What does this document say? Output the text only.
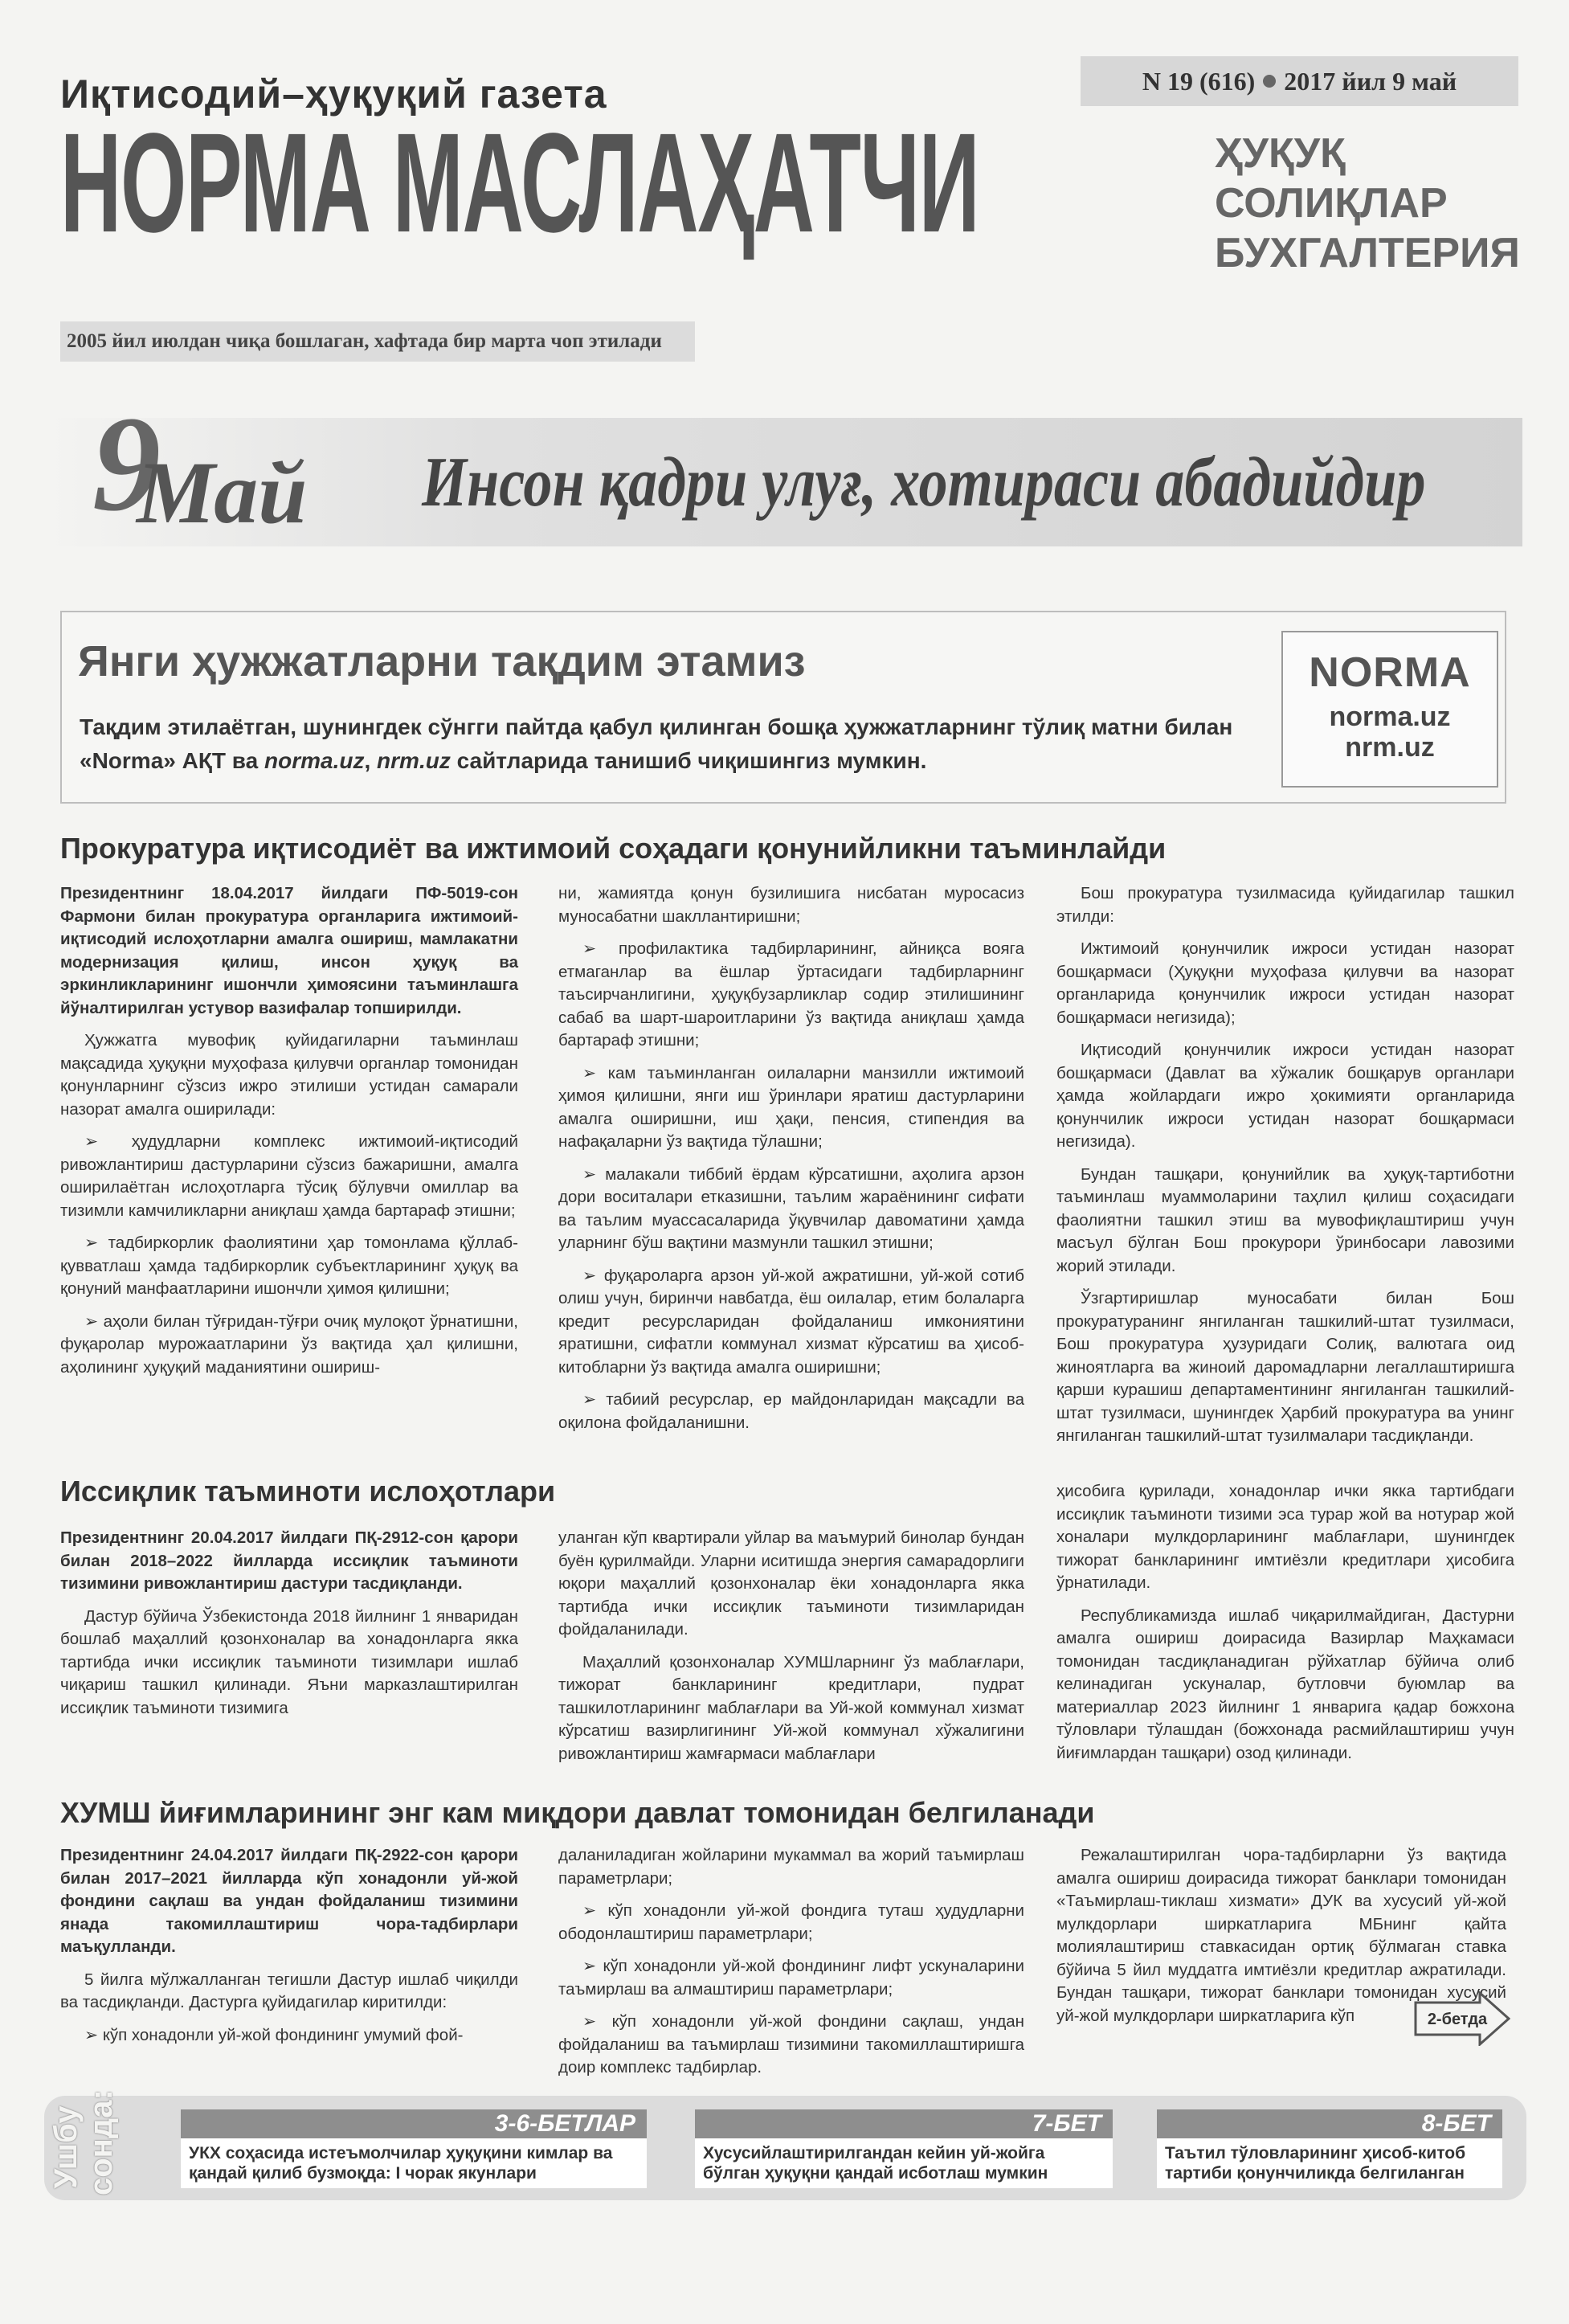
Иқтисодий–ҳуқуқий газета	N 19 (616) 2017 йил 9 май
НОРМА МАСЛАҲАТЧИ	ҲУҚУҚ
СОЛИҚЛАР
БУХГАЛТЕРИЯ
2005 йил июлдан чиқа бошлаган, хафтада бир марта чоп этилади
9
Май Инсон қадри улуғ, хотираси абадийдир
Янги ҳужжатларни тақдим этамиз

Тақдим этилаётган, шунингдек сўнгги пайтда қабул қилинган бошқа ҳужжатларнинг тўлиқ матни билан «Norma» АҚТ ва norma.uz, nrm.uz сайтларида танишиб чиқишингиз мумкин.

NORMA
norma.uz
nrm.uz
Прокуратура иқтисодиёт ва ижтимоий соҳадаги қонунийликни таъминлайди

Президентнинг 18.04.2017 йилдаги ПФ-5019-сон Фармони билан прокуратура органларига ижтимоий-иқтисодий ислоҳотларни амалга ошириш, мамлакатни модернизация қилиш, инсон ҳуқуқ ва эркинликларининг ишончли ҳимоясини таъминлашга йўналтирилган устувор вазифалар топширилди.

Ҳужжатга мувофиқ қуйидагиларни таъминлаш мақсадида ҳуқуқни муҳофаза қилувчи органлар томонидан қонунларнинг сўзсиз ижро этилиши устидан самарали назорат амалга оширилади:

➢ ҳудудларни комплекс ижтимоий-иқтисодий ривожлантириш дастурларини сўзсиз бажаришни, амалга оширилаётган ислоҳотларга тўсиқ бўлувчи омиллар ва тизимли камчиликларни аниқлаш ҳамда бартараф этишни;

➢ тадбиркорлик фаолиятини ҳар томонлама қўллаб-қувватлаш ҳамда тадбиркорлик субъектларининг ҳуқуқ ва қонуний манфаатларини ишончли ҳимоя қилишни;

➢ аҳоли билан тўғридан-тўғри очиқ мулоқот ўрнатишни, фуқаролар мурожаатларини ўз вақтида ҳал қилишни, аҳолининг ҳуқуқий маданиятини ошириш-

ни, жамиятда қонун бузилишига нисбатан муросасиз муносабатни шакллантиришни;

➢ профилактика тадбирларининг, айниқса вояга етмаганлар ва ёшлар ўртасидаги тадбирларнинг таъсирчанлигини, ҳуқуқбузарликлар содир этилишининг сабаб ва шарт-шароитларини ўз вақтида аниқлаш ҳамда бартараф этишни;

➢ кам таъминланган оилаларни манзилли ижтимоий ҳимоя қилишни, янги иш ўринлари яратиш дастурларини амалга оширишни, иш ҳақи, пенсия, стипендия ва нафақаларни ўз вақтида тўлашни;

➢ малакали тиббий ёрдам кўрсатишни, аҳолига арзон дори воситалари етказишни, таълим жараёнининг сифати ва таълим муассасаларида ўқувчилар давоматини ҳамда уларнинг бўш вақтини мазмунли ташкил этишни;

➢ фуқароларга арзон уй-жой ажратишни, уй-жой сотиб олиш учун, биринчи навбатда, ёш оилалар, етим болаларга кредит ресурсларидан фойдаланиш имкониятини яратишни, сифатли коммунал хизмат кўрсатиш ва ҳисоб-китобларни ўз вақтида амалга оширишни;

➢ табиий ресурслар, ер майдонларидан мақсадли ва оқилона фойдаланишни.

Бош прокуратура тузилмасида қуйидагилар ташкил этилди:

Ижтимоий қонунчилик ижроси устидан назорат бошқармаси (Ҳуқуқни муҳофаза қилувчи ва назорат органларида қонунчилик ижроси устидан назорат бошқармаси негизида);

Иқтисодий қонунчилик ижроси устидан назорат бошқармаси (Давлат ва хўжалик бошқарув органлари ҳамда жойлардаги ижро ҳокимияти органларида қонунчилик ижроси устидан назорат бошқармаси негизида).

Бундан ташқари, қонунийлик ва ҳуқуқ-тартиботни таъминлаш муаммоларини таҳлил қилиш соҳасидаги фаолиятни ташкил этиш ва мувофиқлаштириш учун масъул бўлган Бош прокурори ўринбосари лавозими жорий этилади.

Ўзгартиришлар муносабати билан Бош прокуратуранинг янгиланган ташкилий-штат тузилмаси, Бош прокуратура ҳузуридаги Солиқ, валютага оид жиноятларга ва жиноий даромадларни легаллаштиришга қарши курашиш департаментининг янгиланган ташкилий-штат тузилмаси, шунингдек Ҳарбий прокуратура ва унинг янгиланган ташкилий-штат тузилмалари тасдиқланди.

Иссиқлик таъминоти ислоҳотлари

Президентнинг 20.04.2017 йилдаги ПҚ-2912-сон қарори билан 2018–2022 йилларда иссиқлик таъминоти тизимини ривожлантириш дастури тасдиқланди.

Дастур бўйича Ўзбекистонда 2018 йилнинг 1 январидан бошлаб маҳаллий қозонхоналар ва хонадонларга якка тартибда ички иссиқлик таъминоти тизимлари ишлаб чиқариш ташкил қилинади. Яъни марказлаштирилган иссиқлик таъминоти тизимига

уланган кўп квартирали уйлар ва маъмурий бинолар бундан буён қурилмайди. Уларни иситишда энергия самарадорлиги юқори маҳаллий қозонхоналар ёки хонадонларга якка тартибда ички иссиқлик таъминоти тизимларидан фойдаланилади.

Маҳаллий қозонхоналар ХУМШларнинг ўз маблағлари, тижорат банкларининг кредитлари, пудрат ташкилотларининг маблағлари ва Уй-жой коммунал хизмат кўрсатиш вазирлигининг Уй-жой коммунал хўжалигини ривожлантириш жамғармаси маблағлари

ҳисобига қурилади, хонадонлар ички якка тартибдаги иссиқлик таъминоти тизими эса турар жой ва нотурар жой хоналари мулкдорларининг маблағлари, шунингдек тижорат банкларининг имтиёзли кредитлари ҳисобига ўрнатилади.

Республикамизда ишлаб чиқарилмайдиган, Дастурни амалга ошириш доирасида Вазирлар Маҳкамаси томонидан тасдиқланадиган рўйхатлар бўйича олиб келинадиган ускуналар, бутловчи буюмлар ва материаллар 2023 йилнинг 1 январига қадар божхона тўловлари тўлашдан (божхонада расмийлаштириш учун йиғимлардан ташқари) озод қилинади.

ХУМШ йиғимларининг энг кам миқдори давлат томонидан белгиланади

Президентнинг 24.04.2017 йилдаги ПҚ-2922-сон қарори билан 2017–2021 йилларда кўп хонадонли уй-жой фондини сақлаш ва ундан фойдаланиш тизимини янада такомиллаштириш чора-тадбирлари маъқулланди.

5 йилга мўлжалланган тегишли Дастур ишлаб чиқилди ва тасдиқланди. Дастурга қуйидагилар киритилди:

➢ кўп хонадонли уй-жой фондининг умумий фой-

даланиладиган жойларини мукаммал ва жорий таъмирлаш параметрлари;

➢ кўп хонадонли уй-жой фондига туташ ҳудудларни ободонлаштириш параметрлари;

➢ кўп хонадонли уй-жой фондининг лифт ускуналарини таъмирлаш ва алмаштириш параметрлари;

➢ кўп хонадонли уй-жой фондини сақлаш, ундан фойдаланиш ва таъмирлаш тизимини такомиллаштиришга доир комплекс тадбирлар.

Режалаштирилган чора-тадбирларни ўз вақтида амалга ошириш доирасида тижорат банклари томонидан «Таъмирлаш-тиклаш хизмати» ДУК ва хусусий уй-жой мулкдорлари ширкатларига МБнинг қайта молиялаштириш ставкасидан ортиқ бўлмаган ставка бўйича 5 йил муддатга имтиёзли кредитлар ажратилади. Бундан ташқари, тижорат банклари томонидан хусусий уй-жой мулкдорлари ширкатларига кўп	2-бетда
Ушбу сонда:	3-6-БЕТЛАР
УКХ соҳасида истеъмолчилар ҳуқуқини кимлар ва қандай қилиб бузмоқда: I чорак якунлари
7-БЕТ
Хусусийлаштирилгандан кейин уй-жойга бўлган ҳуқуқни қандай исботлаш мумкин
8-БЕТ
Таътил тўловларининг ҳисоб-китоб тартиби қонунчиликда белгиланган
